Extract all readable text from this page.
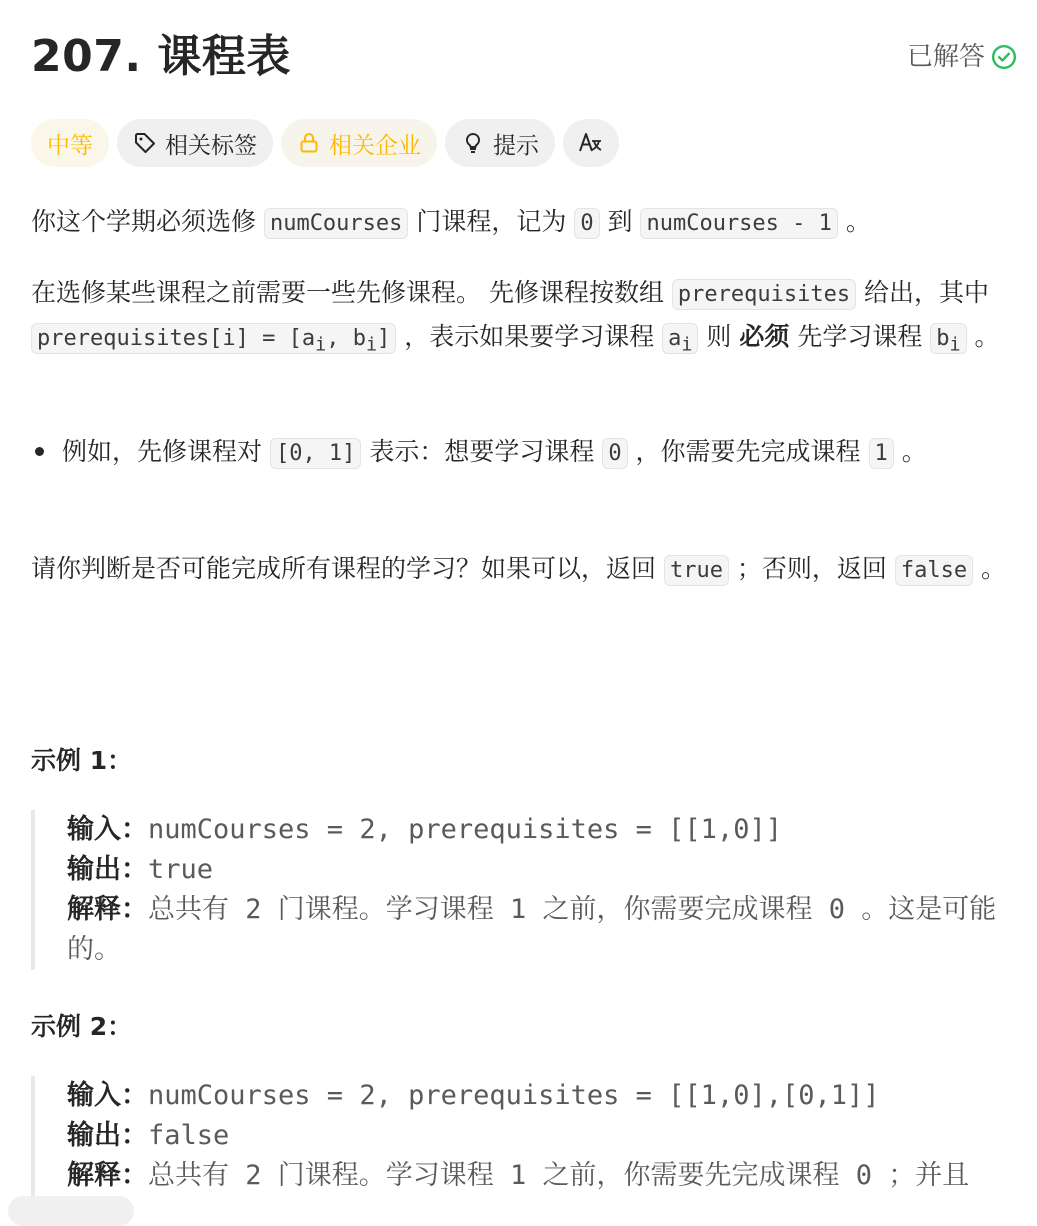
207. 课程表	已解答
中等	相关标签	相关企业	提示

你这个学期必须选修 numCourses 门课程，记为 0 到 numCourses - 1 。

在选修某些课程之前需要一些先修课程。 先修课程按数组 prerequisites 给出，其中 prerequisites[i] = [$a_i$, $b_i$] ，表示如果要学习课程 $a_i$ 则 必须 先学习课程 $b_i$ 。

例如，先修课程对 [0, 1] 表示：想要学习课程 0 ，你需要先完成课程 1 。

请你判断是否可能完成所有课程的学习？如果可以，返回 true ；否则，返回 false 。

示例 1：
输入：numCourses = 2, prerequisites = [[1,0]]
输出：true
解释：总共有 2 门课程。学习课程 1 之前，你需要完成课程 0 。这是可能的。
示例 2：
输入：numCourses = 2, prerequisites = [[1,0],[0,1]]
输出：false
解释：总共有 2 门课程。学习课程 1 之前，你需要先完成课程 0 ；并且
